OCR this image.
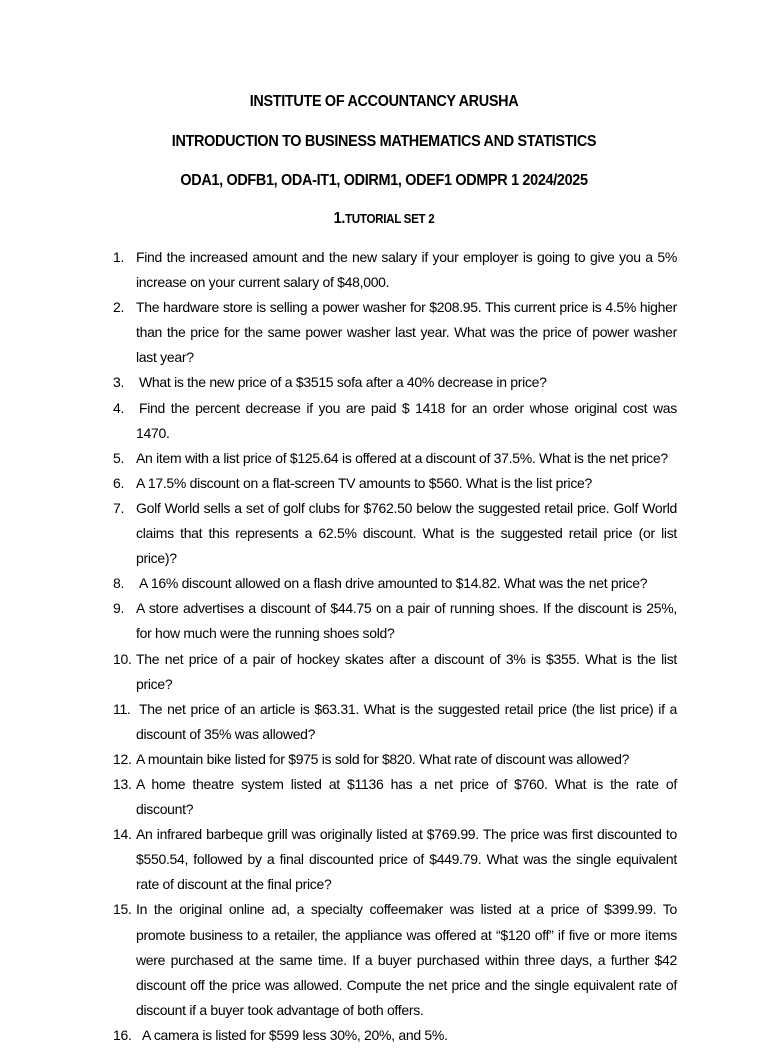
INSTITUTE OF ACCOUNTANCY ARUSHA
INTRODUCTION TO BUSINESS MATHEMATICS AND STATISTICS
ODA1, ODFB1, ODA-IT1, ODIRM1, ODEF1 ODMPR 1 2024/2025
1.TUTORIAL SET 2
1. Find the increased amount and the new salary if your employer is going to give you a 5% increase on your current salary of $48,000.
2. The hardware store is selling a power washer for $208.95. This current price is 4.5% higher than the price for the same power washer last year. What was the price of power washer last year?
3. What is the new price of a $3515 sofa after a 40% decrease in price?
4. Find the percent decrease if you are paid $ 1418 for an order whose original cost was 1470.
5. An item with a list price of $125.64 is offered at a discount of 37.5%. What is the net price?
6. A 17.5% discount on a flat-screen TV amounts to $560. What is the list price?
7. Golf World sells a set of golf clubs for $762.50 below the suggested retail price. Golf World claims that this represents a 62.5% discount. What is the suggested retail price (or list price)?
8. A 16% discount allowed on a flash drive amounted to $14.82. What was the net price?
9. A store advertises a discount of $44.75 on a pair of running shoes. If the discount is 25%, for how much were the running shoes sold?
10. The net price of a pair of hockey skates after a discount of 3% is $355. What is the list price?
11. The net price of an article is $63.31. What is the suggested retail price (the list price) if a discount of 35% was allowed?
12. A mountain bike listed for $975 is sold for $820. What rate of discount was allowed?
13. A home theatre system listed at $1136 has a net price of $760. What is the rate of discount?
14. An infrared barbeque grill was originally listed at $769.99. The price was first discounted to $550.54, followed by a final discounted price of $449.79. What was the single equivalent rate of discount at the final price?
15. In the original online ad, a specialty coffeemaker was listed at a price of $399.99. To promote business to a retailer, the appliance was offered at “$120 off” if five or more items were purchased at the same time. If a buyer purchased within three days, a further $42 discount off the price was allowed. Compute the net price and the single equivalent rate of discount if a buyer took advantage of both offers.
16. A camera is listed for $599 less 30%, 20%, and 5%.
